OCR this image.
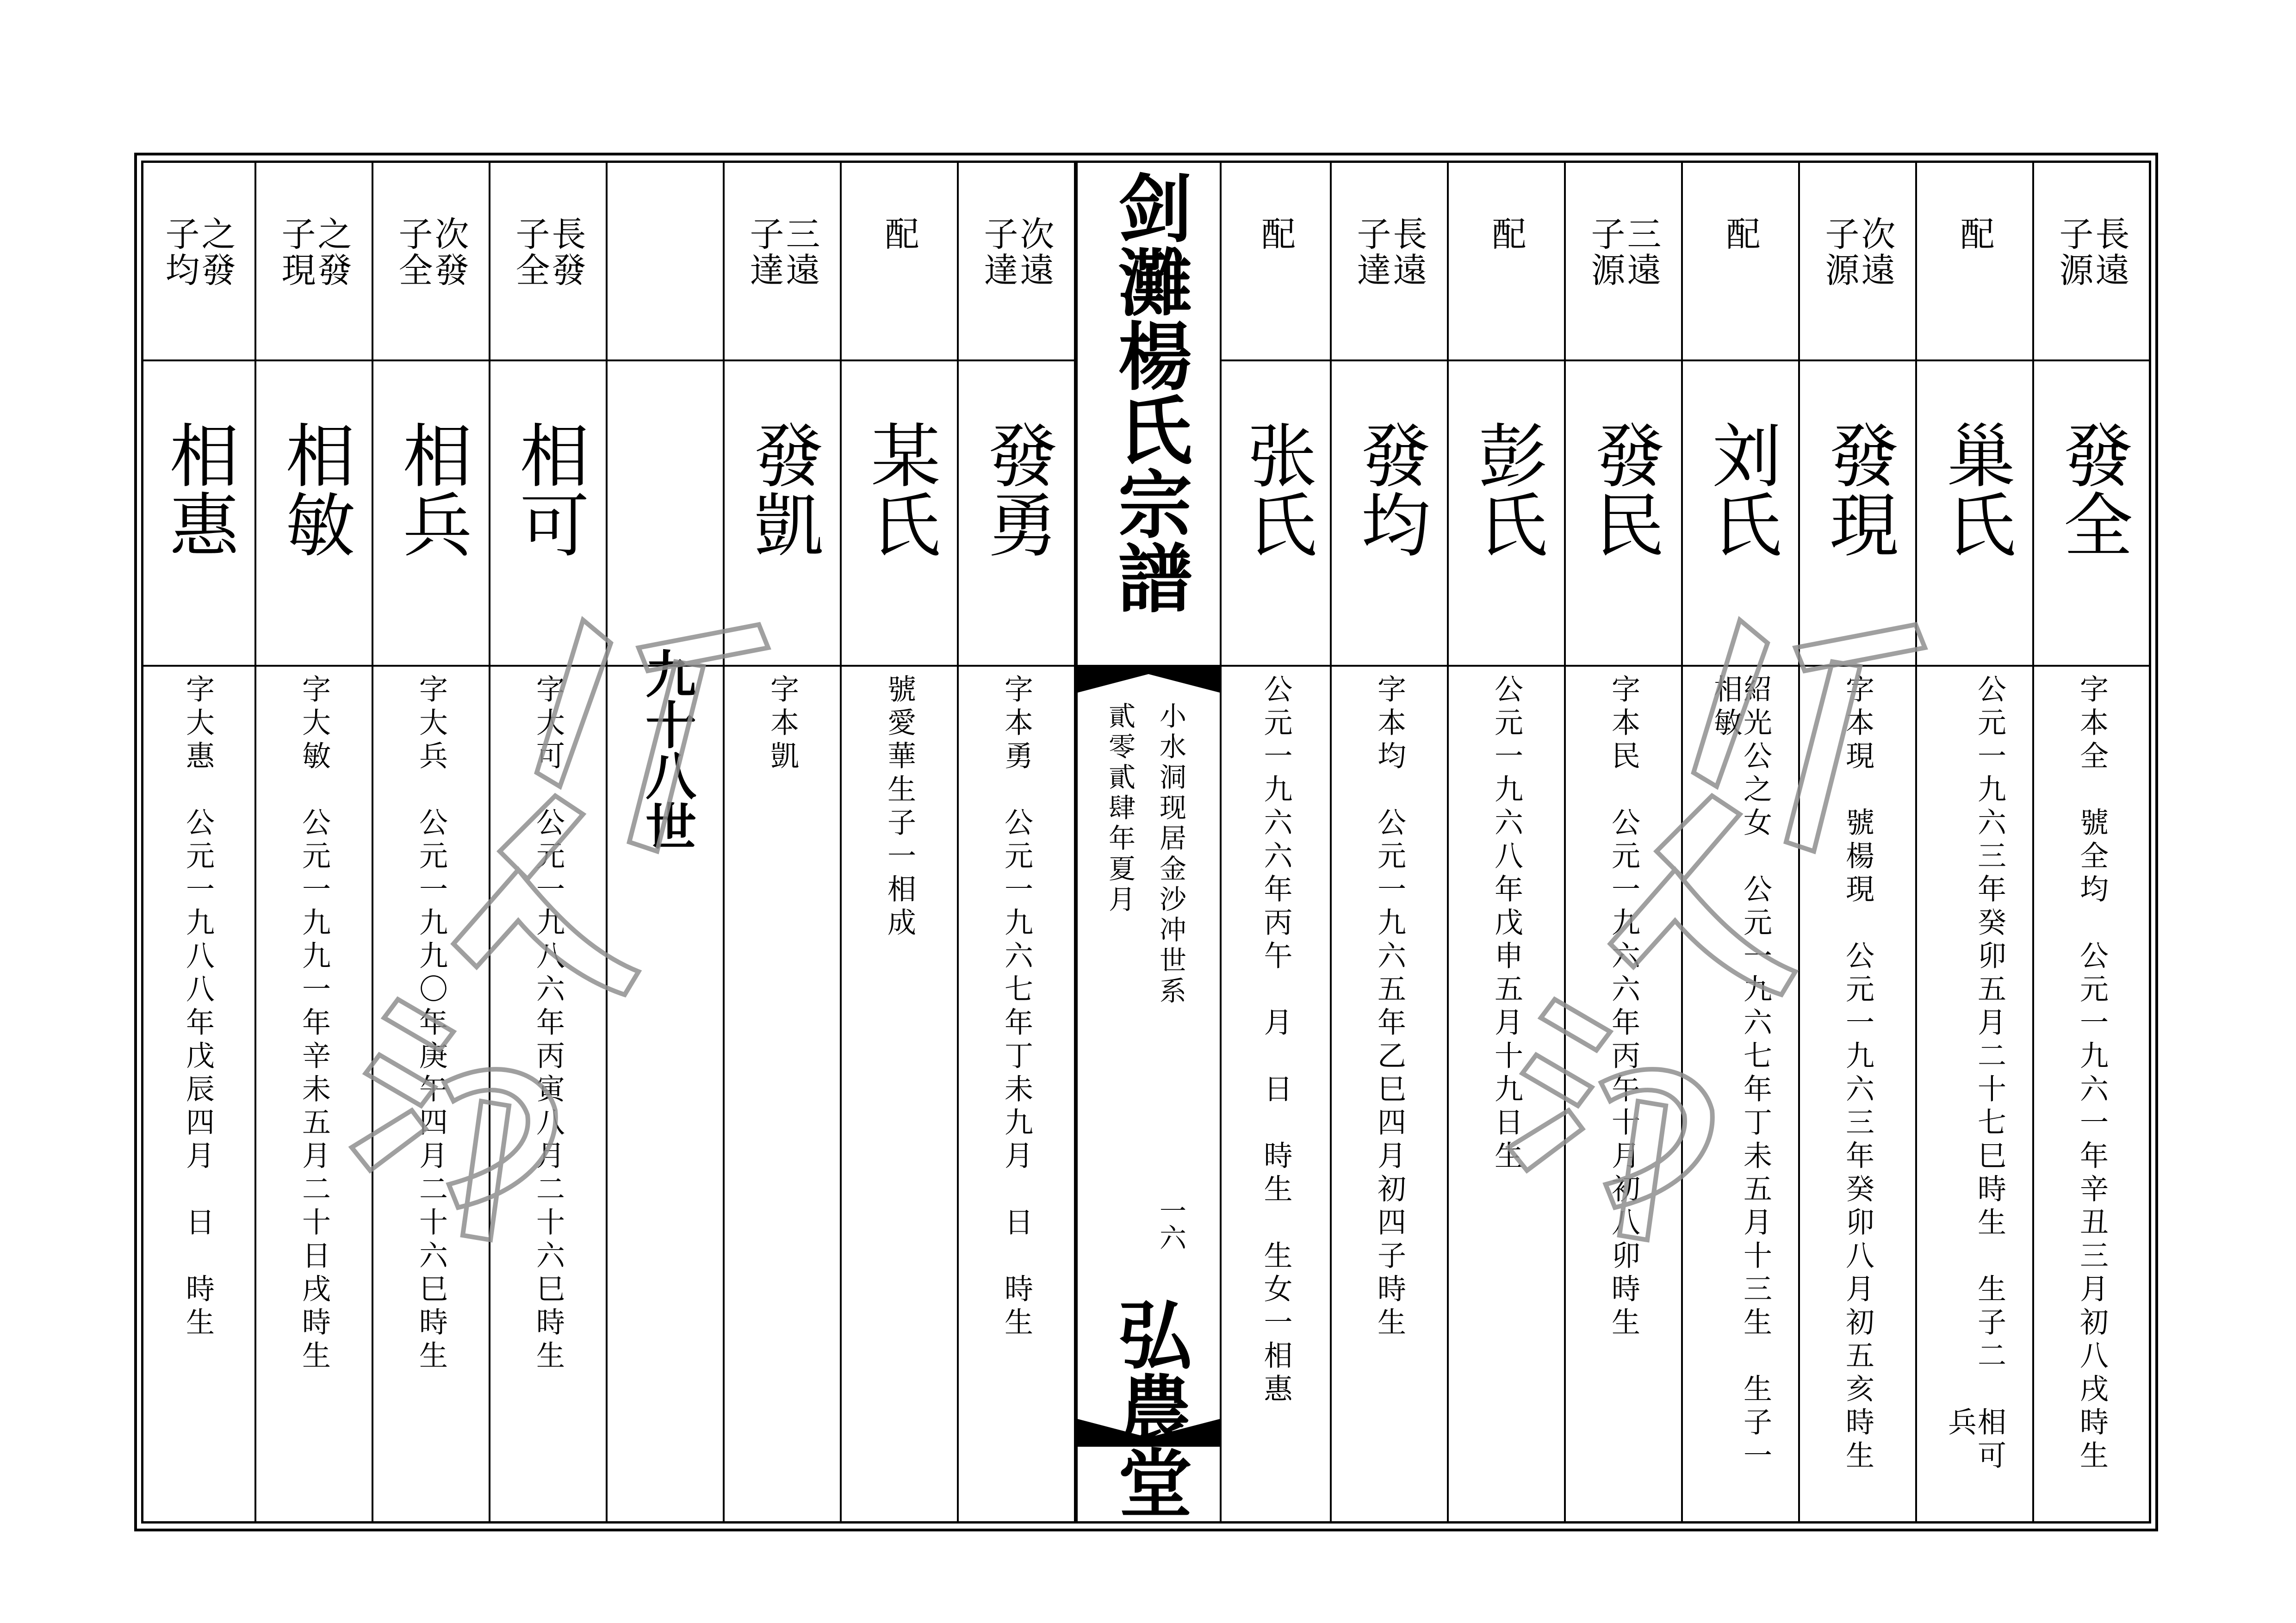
長遠
子源
發全
字本全　號全均　公元一九六一年辛丑三月初八戌時生
配
巢氏
公元一九六三年癸卯五月二十七巳時生　生子二　相可
　　　　　　　　　　　　　　　　　　　　　　兵
次遠
子源
發現
字本現　號楊現　公元一九六三年癸卯八月初五亥時生
配
刘氏
紹光公之女　公元一九六七年丁未五月十三生　生子一
相敏
三遠
子源
發民
字本民　公元一九六六年丙午十月初八卯時生
配
彭氏
公元一九六八年戊申五月十九日生
長遠
子達
發均
字本均　公元一九六五年乙巳四月初四子時生
配
张氏
公元一九六六年丙午　月　日　時生　生女一相惠
剑灘楊氏宗譜
小水洞现居金沙冲世系
貳零貳肆年夏月
一六
弘農堂
次遠
子達
發勇
字本勇　公元一九六七年丁未九月　日　時生
配
某氏
號愛華生子一相成
三遠
子達
發凱
字本凱
長發
子全
相可
字大可　公元一九八六年丙寅八月二十六巳時生
次發
子全
相兵
字大兵　公元一九九〇年庚午四月二十六巳時生
之發
子現
相敏
字大敏　公元一九九一年辛未五月二十日戌時生
之發
子均
相惠
字大惠　公元一九八八年戊辰四月　日　時生	九十八世
